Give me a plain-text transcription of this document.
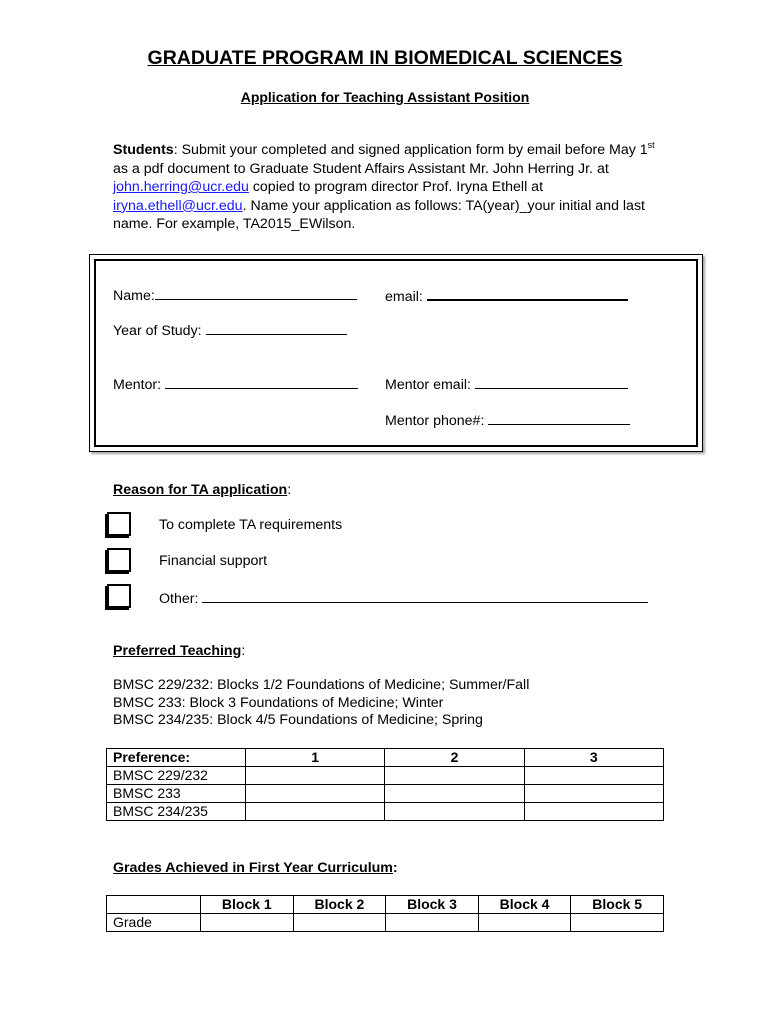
GRADUATE PROGRAM IN BIOMEDICAL SCIENCES
Application for Teaching Assistant Position
Students: Submit your completed and signed application form by email before May 1st as a pdf document to Graduate Student Affairs Assistant Mr. John Herring Jr. at john.herring@ucr.edu copied to program director Prof. Iryna Ethell at iryna.ethell@ucr.edu. Name your application as follows: TA(year)_your initial and last name. For example, TA2015_EWilson.
Name:	email:
Year of Study:
Mentor:	Mentor email:
Mentor phone#:
Reason for TA application:
To complete TA requirements
Financial support
Other:
Preferred Teaching:
BMSC 229/232: Blocks 1/2 Foundations of Medicine; Summer/Fall
BMSC 233: Block 3 Foundations of Medicine; Winter
BMSC 234/235: Block 4/5 Foundations of Medicine; Spring
Preference:	1	2	3
BMSC 229/232			
BMSC 233			
BMSC 234/235			
Grades Achieved in First Year Curriculum:
	Block 1	Block 2	Block 3	Block 4	Block 5
Grade					
